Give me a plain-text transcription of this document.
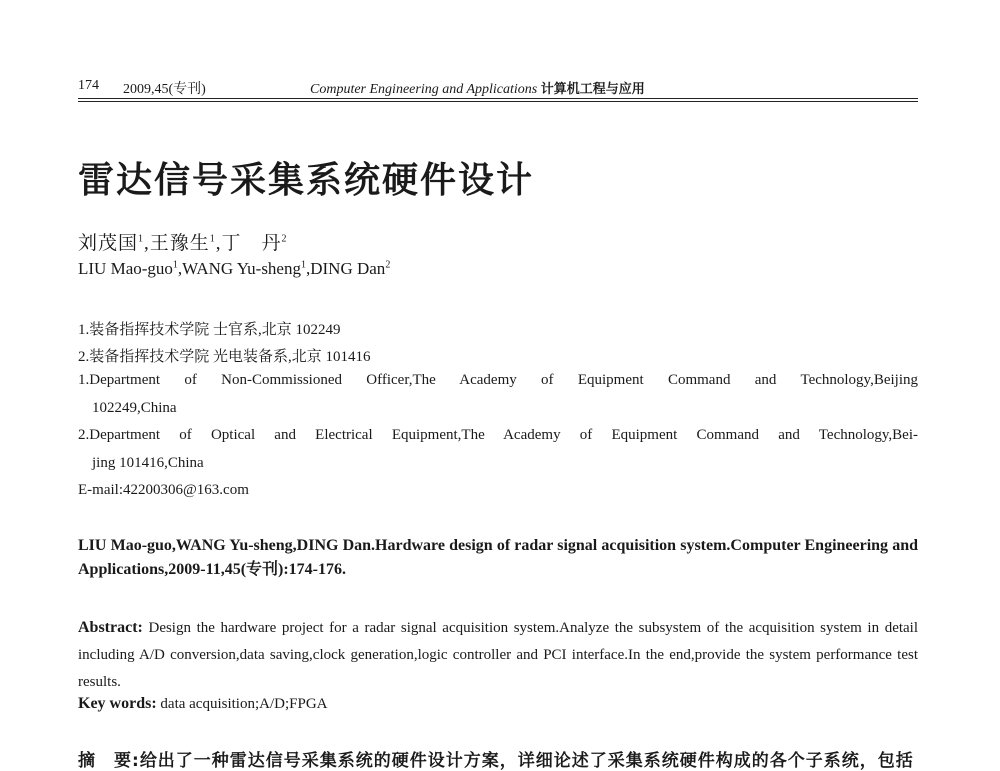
174 2009,45(专刊)	Computer Engineering and Applications 计算机工程与应用
雷达信号采集系统硬件设计
刘茂国$^1$,王豫生$^1$,丁　丹$^2$
LIU Mao-guo$^1$,WANG Yu-sheng$^1$,DING Dan$^2$
1.装备指挥技术学院 士官系,北京 102249
2.装备指挥技术学院 光电装备系,北京 101416
1.Department of Non-Commissioned Officer,The Academy of Equipment Command and Technology,Beijing
102249,China
2.Department of Optical and Electrical Equipment,The Academy of Equipment Command and Technology,Bei-
jing 101416,China
E-mail:42200306@163.com
LIU Mao-guo,WANG Yu-sheng,DING Dan.Hardware design of radar signal acquisition system.Computer Engineering and Applications,2009-11,45(专刊):174-176.
Abstract: Design the hardware project for a radar signal acquisition system.Analyze the subsystem of the acquisition system in detail including A/D conversion,data saving,clock generation,logic controller and PCI interface.In the end,provide the system performance test results.
Key words: data acquisition;A/D;FPGA
摘　要:给出了一种雷达信号采集系统的硬件设计方案，详细论述了采集系统硬件构成的各个子系统，包括
